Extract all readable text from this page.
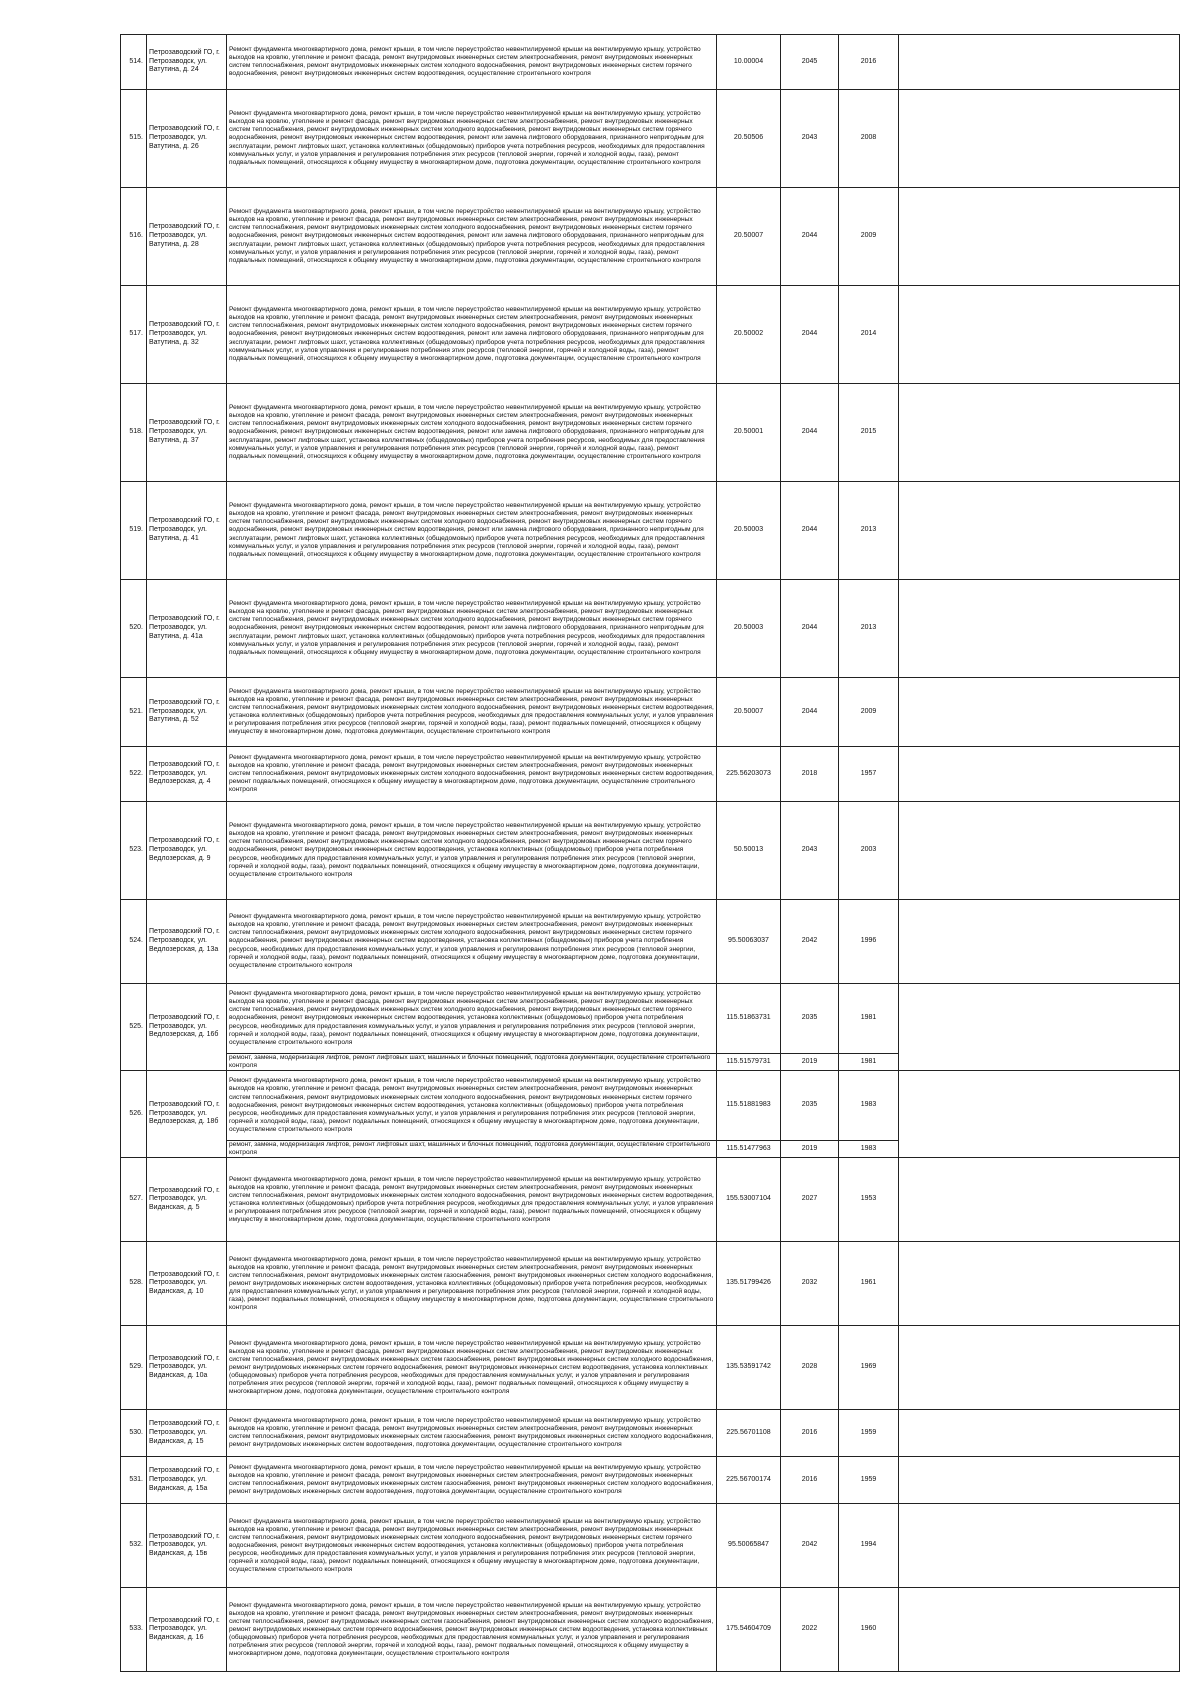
514.	Петрозаводский ГО, г. Петрозаводск, ул. Ватутина, д. 24	Ремонт фундамента многоквартирного дома, ремонт крыши, в том числе переустройство невентилируемой крыши на вентилируемую крышу, устройство выходов на кровлю, утепление и ремонт фасада, ремонт внутридомовых инженерных систем электроснабжения, ремонт внутридомовых инженерных систем теплоснабжения, ремонт внутридомовых инженерных систем холодного водоснабжения, ремонт внутридомовых инженерных систем горячего водоснабжения, ремонт внутридомовых инженерных систем водоотведения, осуществление строительного контроля	10.00004	2045	2016	
515.	Петрозаводский ГО, г. Петрозаводск, ул. Ватутина, д. 26	Ремонт фундамента многоквартирного дома, ремонт крыши, в том числе переустройство невентилируемой крыши на вентилируемую крышу, устройство выходов на кровлю, утепление и ремонт фасада, ремонт внутридомовых инженерных систем электроснабжения, ремонт внутридомовых инженерных систем теплоснабжения, ремонт внутридомовых инженерных систем холодного водоснабжения, ремонт внутридомовых инженерных систем горячего водоснабжения, ремонт внутридомовых инженерных систем водоотведения, ремонт или замена лифтового оборудования, признанного непригодным для эксплуатации, ремонт лифтовых шахт, установка коллективных (общедомовых) приборов учета потребления ресурсов, необходимых для предоставления коммунальных услуг, и узлов управления и регулирования потребления этих ресурсов (тепловой энергии, горячей и холодной воды, газа), ремонт подвальных помещений, относящихся к общему имуществу в многоквартирном доме, подготовка документации, осуществление строительного контроля	20.50506	2043	2008	
516.	Петрозаводский ГО, г. Петрозаводск, ул. Ватутина, д. 28	Ремонт фундамента многоквартирного дома, ремонт крыши, в том числе переустройство невентилируемой крыши на вентилируемую крышу, устройство выходов на кровлю, утепление и ремонт фасада, ремонт внутридомовых инженерных систем электроснабжения, ремонт внутридомовых инженерных систем теплоснабжения, ремонт внутридомовых инженерных систем холодного водоснабжения, ремонт внутридомовых инженерных систем горячего водоснабжения, ремонт внутридомовых инженерных систем водоотведения, ремонт или замена лифтового оборудования, признанного непригодным для эксплуатации, ремонт лифтовых шахт, установка коллективных (общедомовых) приборов учета потребления ресурсов, необходимых для предоставления коммунальных услуг, и узлов управления и регулирования потребления этих ресурсов (тепловой энергии, горячей и холодной воды, газа), ремонт подвальных помещений, относящихся к общему имуществу в многоквартирном доме, подготовка документации, осуществление строительного контроля	20.50007	2044	2009	
517.	Петрозаводский ГО, г. Петрозаводск, ул. Ватутина, д. 32	Ремонт фундамента многоквартирного дома, ремонт крыши, в том числе переустройство невентилируемой крыши на вентилируемую крышу, устройство выходов на кровлю, утепление и ремонт фасада, ремонт внутридомовых инженерных систем электроснабжения, ремонт внутридомовых инженерных систем теплоснабжения, ремонт внутридомовых инженерных систем холодного водоснабжения, ремонт внутридомовых инженерных систем горячего водоснабжения, ремонт внутридомовых инженерных систем водоотведения, ремонт или замена лифтового оборудования, признанного непригодным для эксплуатации, ремонт лифтовых шахт, установка коллективных (общедомовых) приборов учета потребления ресурсов, необходимых для предоставления коммунальных услуг, и узлов управления и регулирования потребления этих ресурсов (тепловой энергии, горячей и холодной воды, газа), ремонт подвальных помещений, относящихся к общему имуществу в многоквартирном доме, подготовка документации, осуществление строительного контроля	20.50002	2044	2014	
518.	Петрозаводский ГО, г. Петрозаводск, ул. Ватутина, д. 37	Ремонт фундамента многоквартирного дома, ремонт крыши, в том числе переустройство невентилируемой крыши на вентилируемую крышу, устройство выходов на кровлю, утепление и ремонт фасада, ремонт внутридомовых инженерных систем электроснабжения, ремонт внутридомовых инженерных систем теплоснабжения, ремонт внутридомовых инженерных систем холодного водоснабжения, ремонт внутридомовых инженерных систем горячего водоснабжения, ремонт внутридомовых инженерных систем водоотведения, ремонт или замена лифтового оборудования, признанного непригодным для эксплуатации, ремонт лифтовых шахт, установка коллективных (общедомовых) приборов учета потребления ресурсов, необходимых для предоставления коммунальных услуг, и узлов управления и регулирования потребления этих ресурсов (тепловой энергии, горячей и холодной воды, газа), ремонт подвальных помещений, относящихся к общему имуществу в многоквартирном доме, подготовка документации, осуществление строительного контроля	20.50001	2044	2015	
519.	Петрозаводский ГО, г. Петрозаводск, ул. Ватутина, д. 41	Ремонт фундамента многоквартирного дома, ремонт крыши, в том числе переустройство невентилируемой крыши на вентилируемую крышу, устройство выходов на кровлю, утепление и ремонт фасада, ремонт внутридомовых инженерных систем электроснабжения, ремонт внутридомовых инженерных систем теплоснабжения, ремонт внутридомовых инженерных систем холодного водоснабжения, ремонт внутридомовых инженерных систем горячего водоснабжения, ремонт внутридомовых инженерных систем водоотведения, ремонт или замена лифтового оборудования, признанного непригодным для эксплуатации, ремонт лифтовых шахт, установка коллективных (общедомовых) приборов учета потребления ресурсов, необходимых для предоставления коммунальных услуг, и узлов управления и регулирования потребления этих ресурсов (тепловой энергии, горячей и холодной воды, газа), ремонт подвальных помещений, относящихся к общему имуществу в многоквартирном доме, подготовка документации, осуществление строительного контроля	20.50003	2044	2013	
520.	Петрозаводский ГО, г. Петрозаводск, ул. Ватутина, д. 41а	Ремонт фундамента многоквартирного дома, ремонт крыши, в том числе переустройство невентилируемой крыши на вентилируемую крышу, устройство выходов на кровлю, утепление и ремонт фасада, ремонт внутридомовых инженерных систем электроснабжения, ремонт внутридомовых инженерных систем теплоснабжения, ремонт внутридомовых инженерных систем холодного водоснабжения, ремонт внутридомовых инженерных систем горячего водоснабжения, ремонт внутридомовых инженерных систем водоотведения, ремонт или замена лифтового оборудования, признанного непригодным для эксплуатации, ремонт лифтовых шахт, установка коллективных (общедомовых) приборов учета потребления ресурсов, необходимых для предоставления коммунальных услуг, и узлов управления и регулирования потребления этих ресурсов (тепловой энергии, горячей и холодной воды, газа), ремонт подвальных помещений, относящихся к общему имуществу в многоквартирном доме, подготовка документации, осуществление строительного контроля	20.50003	2044	2013	
521.	Петрозаводский ГО, г. Петрозаводск, ул. Ватутина, д. 52	Ремонт фундамента многоквартирного дома, ремонт крыши, в том числе переустройство невентилируемой крыши на вентилируемую крышу, устройство выходов на кровлю, утепление и ремонт фасада, ремонт внутридомовых инженерных систем электроснабжения, ремонт внутридомовых инженерных систем теплоснабжения, ремонт внутридомовых инженерных систем холодного водоснабжения, ремонт внутридомовых инженерных систем водоотведения, установка коллективных (общедомовых) приборов учета потребления ресурсов, необходимых для предоставления коммунальных услуг, и узлов управления и регулирования потребления этих ресурсов (тепловой энергии, горячей и холодной воды, газа), ремонт подвальных помещений, относящихся к общему имуществу в многоквартирном доме, подготовка документации, осуществление строительного контроля	20.50007	2044	2009	
522.	Петрозаводский ГО, г. Петрозаводск, ул. Ведлозерская, д. 4	Ремонт фундамента многоквартирного дома, ремонт крыши, в том числе переустройство невентилируемой крыши на вентилируемую крышу, устройство выходов на кровлю, утепление и ремонт фасада, ремонт внутридомовых инженерных систем электроснабжения, ремонт внутридомовых инженерных систем теплоснабжения, ремонт внутридомовых инженерных систем холодного водоснабжения, ремонт внутридомовых инженерных систем водоотведения, ремонт подвальных помещений, относящихся к общему имуществу в многоквартирном доме, подготовка документации, осуществление строительного контроля	225.56203073	2018	1957	
523.	Петрозаводский ГО, г. Петрозаводск, ул. Ведлозерская, д. 9	Ремонт фундамента многоквартирного дома, ремонт крыши, в том числе переустройство невентилируемой крыши на вентилируемую крышу, устройство выходов на кровлю, утепление и ремонт фасада, ремонт внутридомовых инженерных систем электроснабжения, ремонт внутридомовых инженерных систем теплоснабжения, ремонт внутридомовых инженерных систем холодного водоснабжения, ремонт внутридомовых инженерных систем горячего водоснабжения, ремонт внутридомовых инженерных систем водоотведения, установка коллективных (общедомовых) приборов учета потребления ресурсов, необходимых для предоставления коммунальных услуг, и узлов управления и регулирования потребления этих ресурсов (тепловой энергии, горячей и холодной воды, газа), ремонт подвальных помещений, относящихся к общему имуществу в многоквартирном доме, подготовка документации, осуществление строительного контроля	50.50013	2043	2003	
524.	Петрозаводский ГО, г. Петрозаводск, ул. Ведлозерская, д. 13а	Ремонт фундамента многоквартирного дома, ремонт крыши, в том числе переустройство невентилируемой крыши на вентилируемую крышу, устройство выходов на кровлю, утепление и ремонт фасада, ремонт внутридомовых инженерных систем электроснабжения, ремонт внутридомовых инженерных систем теплоснабжения, ремонт внутридомовых инженерных систем холодного водоснабжения, ремонт внутридомовых инженерных систем горячего водоснабжения, ремонт внутридомовых инженерных систем водоотведения, установка коллективных (общедомовых) приборов учета потребления ресурсов, необходимых для предоставления коммунальных услуг, и узлов управления и регулирования потребления этих ресурсов (тепловой энергии, горячей и холодной воды, газа), ремонт подвальных помещений, относящихся к общему имуществу в многоквартирном доме, подготовка документации, осуществление строительного контроля	95.50063037	2042	1996	
525.	Петрозаводский ГО, г. Петрозаводск, ул. Ведлозерская, д. 16б	Ремонт фундамента многоквартирного дома, ремонт крыши, в том числе переустройство невентилируемой крыши на вентилируемую крышу, устройство выходов на кровлю, утепление и ремонт фасада, ремонт внутридомовых инженерных систем электроснабжения, ремонт внутридомовых инженерных систем теплоснабжения, ремонт внутридомовых инженерных систем холодного водоснабжения, ремонт внутридомовых инженерных систем горячего водоснабжения, ремонт внутридомовых инженерных систем водоотведения, установка коллективных (общедомовых) приборов учета потребления ресурсов, необходимых для предоставления коммунальных услуг, и узлов управления и регулирования потребления этих ресурсов (тепловой энергии, горячей и холодной воды, газа), ремонт подвальных помещений, относящихся к общему имуществу в многоквартирном доме, подготовка документации, осуществление строительного контроля	115.51863731	2035	1981	
		ремонт, замена, модернизация лифтов, ремонт лифтовых шахт, машинных и блочных помещений, подготовка документации, осуществление строительного контроля	115.51579731	2019	1981	
526.	Петрозаводский ГО, г. Петрозаводск, ул. Ведлозерская, д. 18б	Ремонт фундамента многоквартирного дома, ремонт крыши, в том числе переустройство невентилируемой крыши на вентилируемую крышу, устройство выходов на кровлю, утепление и ремонт фасада, ремонт внутридомовых инженерных систем электроснабжения, ремонт внутридомовых инженерных систем теплоснабжения, ремонт внутридомовых инженерных систем холодного водоснабжения, ремонт внутридомовых инженерных систем горячего водоснабжения, ремонт внутридомовых инженерных систем водоотведения, установка коллективных (общедомовых) приборов учета потребления ресурсов, необходимых для предоставления коммунальных услуг, и узлов управления и регулирования потребления этих ресурсов (тепловой энергии, горячей и холодной воды, газа), ремонт подвальных помещений, относящихся к общему имуществу в многоквартирном доме, подготовка документации, осуществление строительного контроля	115.51881983	2035	1983	
		ремонт, замена, модернизация лифтов, ремонт лифтовых шахт, машинных и блочных помещений, подготовка документации, осуществление строительного контроля	115.51477963	2019	1983	
527.	Петрозаводский ГО, г. Петрозаводск, ул. Виданская, д. 5	Ремонт фундамента многоквартирного дома, ремонт крыши, в том числе переустройство невентилируемой крыши на вентилируемую крышу, устройство выходов на кровлю, утепление и ремонт фасада, ремонт внутридомовых инженерных систем электроснабжения, ремонт внутридомовых инженерных систем теплоснабжения, ремонт внутридомовых инженерных систем холодного водоснабжения, ремонт внутридомовых инженерных систем водоотведения, установка коллективных (общедомовых) приборов учета потребления ресурсов, необходимых для предоставления коммунальных услуг, и узлов управления и регулирования потребления этих ресурсов (тепловой энергии, горячей и холодной воды, газа), ремонт подвальных помещений, относящихся к общему имуществу в многоквартирном доме, подготовка документации, осуществление строительного контроля	155.53007104	2027	1953	
528.	Петрозаводский ГО, г. Петрозаводск, ул. Виданская, д. 10	Ремонт фундамента многоквартирного дома, ремонт крыши, в том числе переустройство невентилируемой крыши на вентилируемую крышу, устройство выходов на кровлю, утепление и ремонт фасада, ремонт внутридомовых инженерных систем электроснабжения, ремонт внутридомовых инженерных систем теплоснабжения, ремонт внутридомовых инженерных систем газоснабжения, ремонт внутридомовых инженерных систем холодного водоснабжения, ремонт внутридомовых инженерных систем водоотведения, установка коллективных (общедомовых) приборов учета потребления ресурсов, необходимых для предоставления коммунальных услуг, и узлов управления и регулирования потребления этих ресурсов (тепловой энергии, горячей и холодной воды, газа), ремонт подвальных помещений, относящихся к общему имуществу в многоквартирном доме, подготовка документации, осуществление строительного контроля	135.51799426	2032	1961	
529.	Петрозаводский ГО, г. Петрозаводск, ул. Виданская, д. 10а	Ремонт фундамента многоквартирного дома, ремонт крыши, в том числе переустройство невентилируемой крыши на вентилируемую крышу, устройство выходов на кровлю, утепление и ремонт фасада, ремонт внутридомовых инженерных систем электроснабжения, ремонт внутридомовых инженерных систем теплоснабжения, ремонт внутридомовых инженерных систем газоснабжения, ремонт внутридомовых инженерных систем холодного водоснабжения, ремонт внутридомовых инженерных систем горячего водоснабжения, ремонт внутридомовых инженерных систем водоотведения, установка коллективных (общедомовых) приборов учета потребления ресурсов, необходимых для предоставления коммунальных услуг, и узлов управления и регулирования потребления этих ресурсов (тепловой энергии, горячей и холодной воды, газа), ремонт подвальных помещений, относящихся к общему имуществу в многоквартирном доме, подготовка документации, осуществление строительного контроля	135.53591742	2028	1969	
530.	Петрозаводский ГО, г. Петрозаводск, ул. Виданская, д. 15	Ремонт фундамента многоквартирного дома, ремонт крыши, в том числе переустройство невентилируемой крыши на вентилируемую крышу, устройство выходов на кровлю, утепление и ремонт фасада, ремонт внутридомовых инженерных систем электроснабжения, ремонт внутридомовых инженерных систем теплоснабжения, ремонт внутридомовых инженерных систем газоснабжения, ремонт внутридомовых инженерных систем холодного водоснабжения, ремонт внутридомовых инженерных систем водоотведения, подготовка документации, осуществление строительного контроля	225.56701108	2016	1959	
531.	Петрозаводский ГО, г. Петрозаводск, ул. Виданская, д. 15а	Ремонт фундамента многоквартирного дома, ремонт крыши, в том числе переустройство невентилируемой крыши на вентилируемую крышу, устройство выходов на кровлю, утепление и ремонт фасада, ремонт внутридомовых инженерных систем электроснабжения, ремонт внутридомовых инженерных систем теплоснабжения, ремонт внутридомовых инженерных систем газоснабжения, ремонт внутридомовых инженерных систем холодного водоснабжения, ремонт внутридомовых инженерных систем водоотведения, подготовка документации, осуществление строительного контроля	225.56700174	2016	1959	
532.	Петрозаводский ГО, г. Петрозаводск, ул. Виданская, д. 15в	Ремонт фундамента многоквартирного дома, ремонт крыши, в том числе переустройство невентилируемой крыши на вентилируемую крышу, устройство выходов на кровлю, утепление и ремонт фасада, ремонт внутридомовых инженерных систем электроснабжения, ремонт внутридомовых инженерных систем теплоснабжения, ремонт внутридомовых инженерных систем холодного водоснабжения, ремонт внутридомовых инженерных систем горячего водоснабжения, ремонт внутридомовых инженерных систем водоотведения, установка коллективных (общедомовых) приборов учета потребления ресурсов, необходимых для предоставления коммунальных услуг, и узлов управления и регулирования потребления этих ресурсов (тепловой энергии, горячей и холодной воды, газа), ремонт подвальных помещений, относящихся к общему имуществу в многоквартирном доме, подготовка документации, осуществление строительного контроля	95.50065847	2042	1994	
533.	Петрозаводский ГО, г. Петрозаводск, ул. Виданская, д. 16	Ремонт фундамента многоквартирного дома, ремонт крыши, в том числе переустройство невентилируемой крыши на вентилируемую крышу, устройство выходов на кровлю, утепление и ремонт фасада, ремонт внутридомовых инженерных систем электроснабжения, ремонт внутридомовых инженерных систем теплоснабжения, ремонт внутридомовых инженерных систем газоснабжения, ремонт внутридомовых инженерных систем холодного водоснабжения, ремонт внутридомовых инженерных систем горячего водоснабжения, ремонт внутридомовых инженерных систем водоотведения, установка коллективных (общедомовых) приборов учета потребления ресурсов, необходимых для предоставления коммунальных услуг, и узлов управления и регулирования потребления этих ресурсов (тепловой энергии, горячей и холодной воды, газа), ремонт подвальных помещений, относящихся к общему имуществу в многоквартирном доме, подготовка документации, осуществление строительного контроля	175.54604709	2022	1960	
